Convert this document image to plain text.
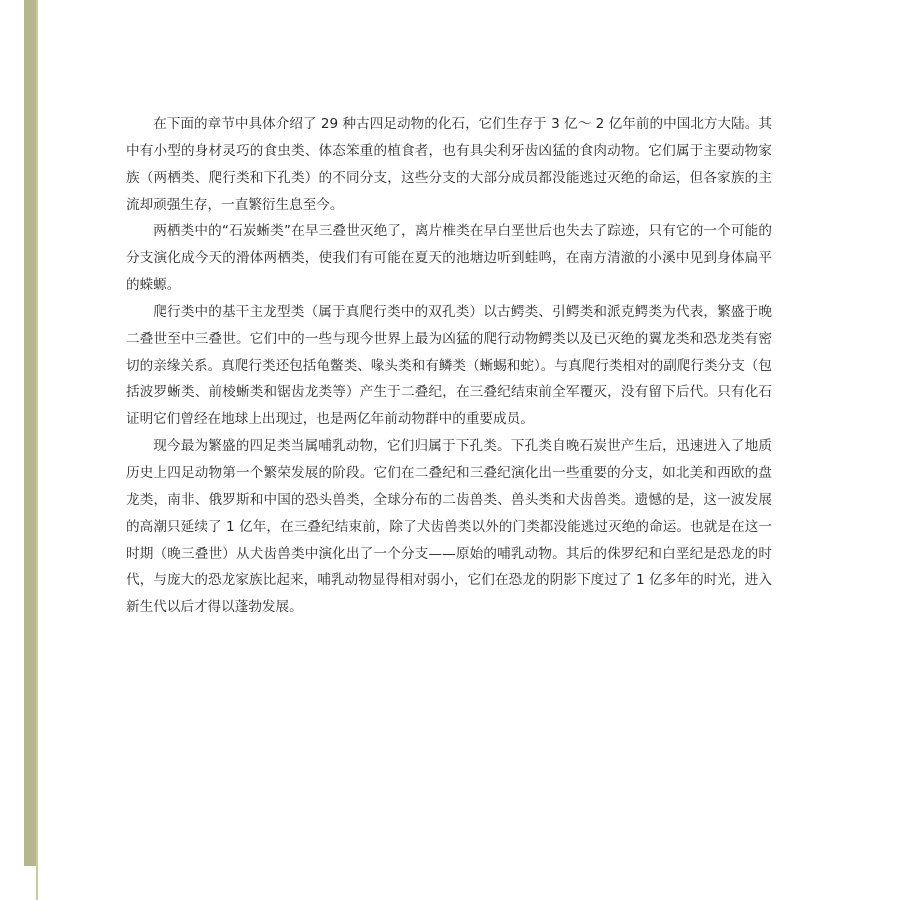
在下面的章节中具体介绍了 29 种古四足动物的化石，它们生存于 3 亿～ 2 亿年前的中国北方大陆。其中有小型的身材灵巧的食虫类、体态笨重的植食者，也有具尖利牙齿凶猛的食肉动物。它们属于主要动物家族（两栖类、爬行类和下孔类）的不同分支，这些分支的大部分成员都没能逃过灭绝的命运，但各家族的主流却顽强生存，一直繁衍生息至今。

两栖类中的“石炭蜥类”在早三叠世灭绝了，离片椎类在早白垩世后也失去了踪迹，只有它的一个可能的分支演化成今天的滑体两栖类，使我们有可能在夏天的池塘边听到蛙鸣，在南方清澈的小溪中见到身体扁平的蝾螈。

爬行类中的基干主龙型类（属于真爬行类中的双孔类）以古鳄类、引鳄类和派克鳄类为代表，繁盛于晚二叠世至中三叠世。它们中的一些与现今世界上最为凶猛的爬行动物鳄类以及已灭绝的翼龙类和恐龙类有密切的亲缘关系。真爬行类还包括龟鳖类、喙头类和有鳞类（蜥蜴和蛇）。与真爬行类相对的副爬行类分支（包括波罗蜥类、前棱蜥类和锯齿龙类等）产生于二叠纪，在三叠纪结束前全军覆灭，没有留下后代。只有化石证明它们曾经在地球上出现过，也是两亿年前动物群中的重要成员。

现今最为繁盛的四足类当属哺乳动物，它们归属于下孔类。下孔类自晚石炭世产生后，迅速进入了地质历史上四足动物第一个繁荣发展的阶段。它们在二叠纪和三叠纪演化出一些重要的分支，如北美和西欧的盘龙类，南非、俄罗斯和中国的恐头兽类，全球分布的二齿兽类、兽头类和犬齿兽类。遗憾的是，这一波发展的高潮只延续了 1 亿年，在三叠纪结束前，除了犬齿兽类以外的门类都没能逃过灭绝的命运。也就是在这一时期（晚三叠世）从犬齿兽类中演化出了一个分支——原始的哺乳动物。其后的侏罗纪和白垩纪是恐龙的时代，与庞大的恐龙家族比起来，哺乳动物显得相对弱小，它们在恐龙的阴影下度过了 1 亿多年的时光，进入新生代以后才得以蓬勃发展。
